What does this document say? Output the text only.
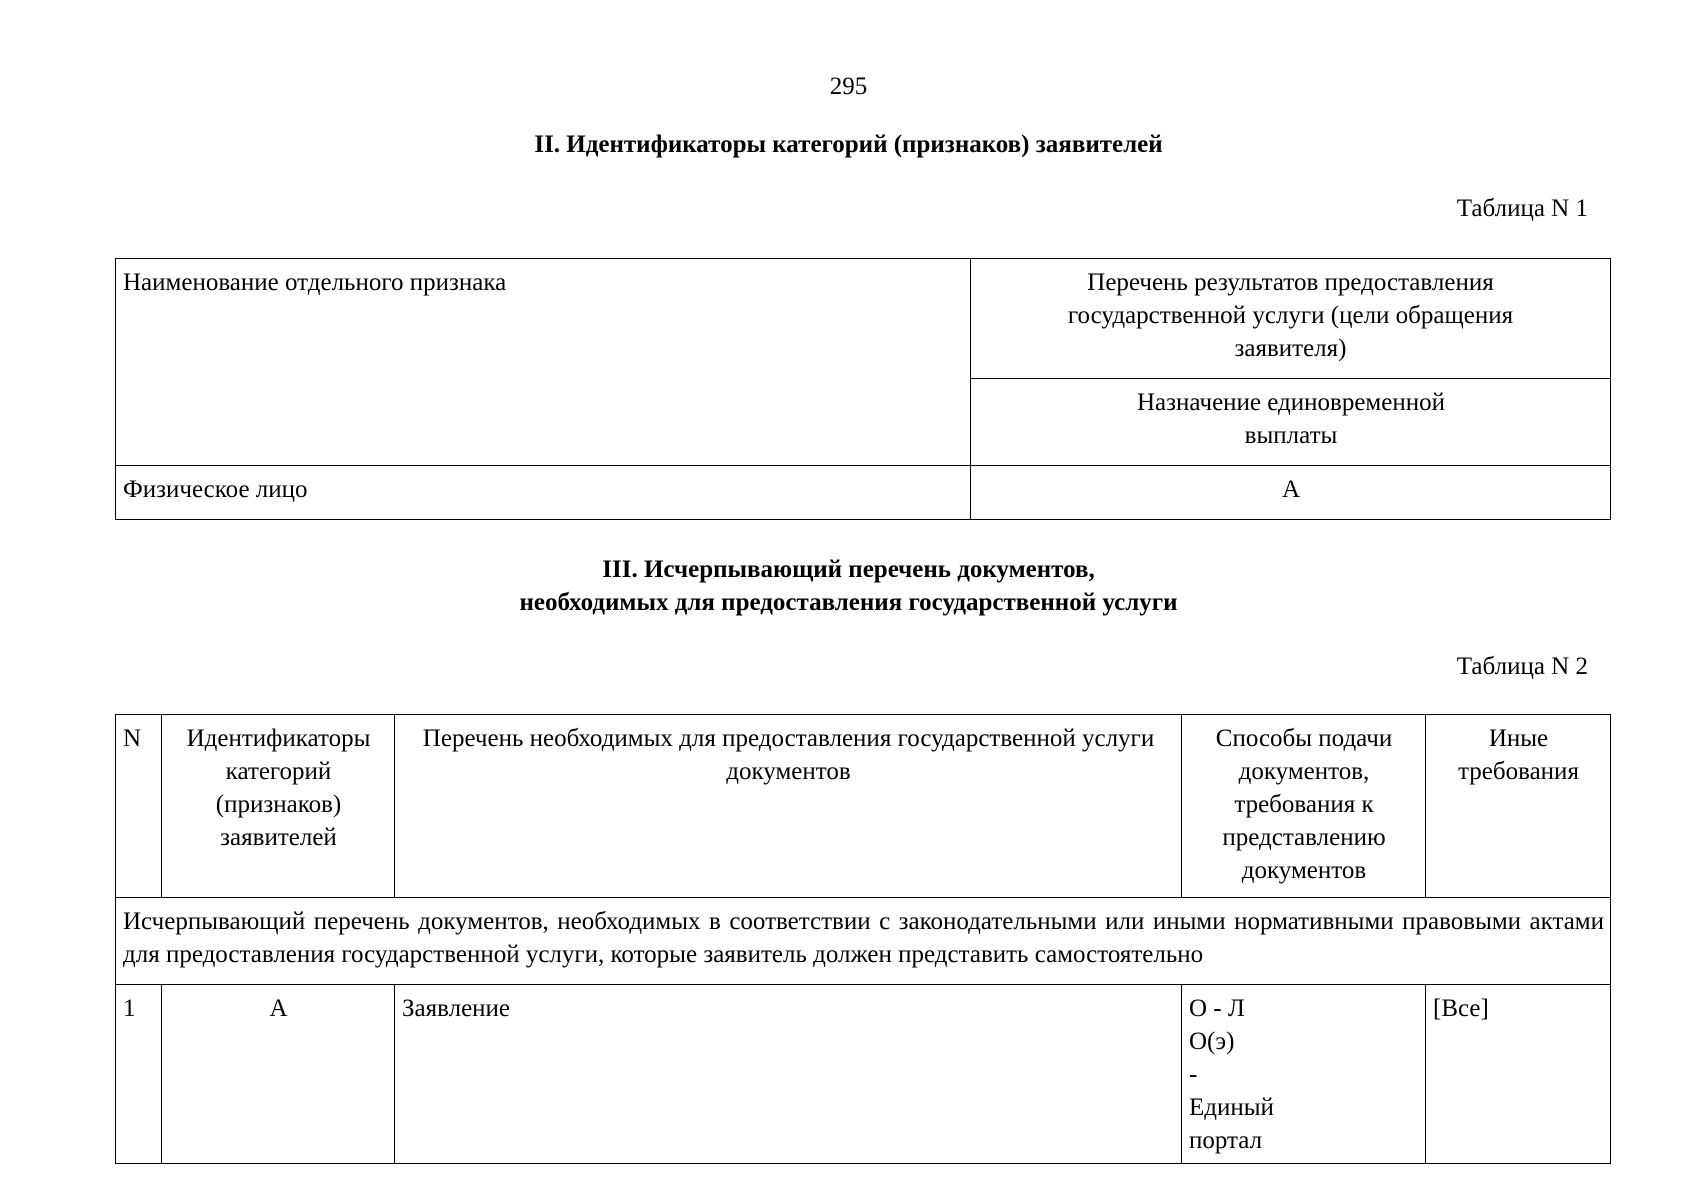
295
II. Идентификаторы категорий (признаков) заявителей
Таблица N 1
Наименование отдельного признака	Перечень результатов предоставления государственной услуги (цели обращения заявителя)

	Назначение единовременной
выплаты

Физическое лицо	А
III. Исчерпывающий перечень документов,
необходимых для предоставления государственной услуги
Таблица N 2
N	Идентификаторы категорий (признаков) заявителей	Перечень необходимых для предоставления государственной услуги документов	Способы подачи документов, требования к представлению документов	Иные требования

Исчерпывающий перечень документов, необходимых в соответствии с законодательными или иными нормативными правовыми актами для предоставления государственной услуги, которые заявитель должен представить самостоятельно				

1	А	Заявление	О - Л
О(э)
-
Единый
портал	[Все]
